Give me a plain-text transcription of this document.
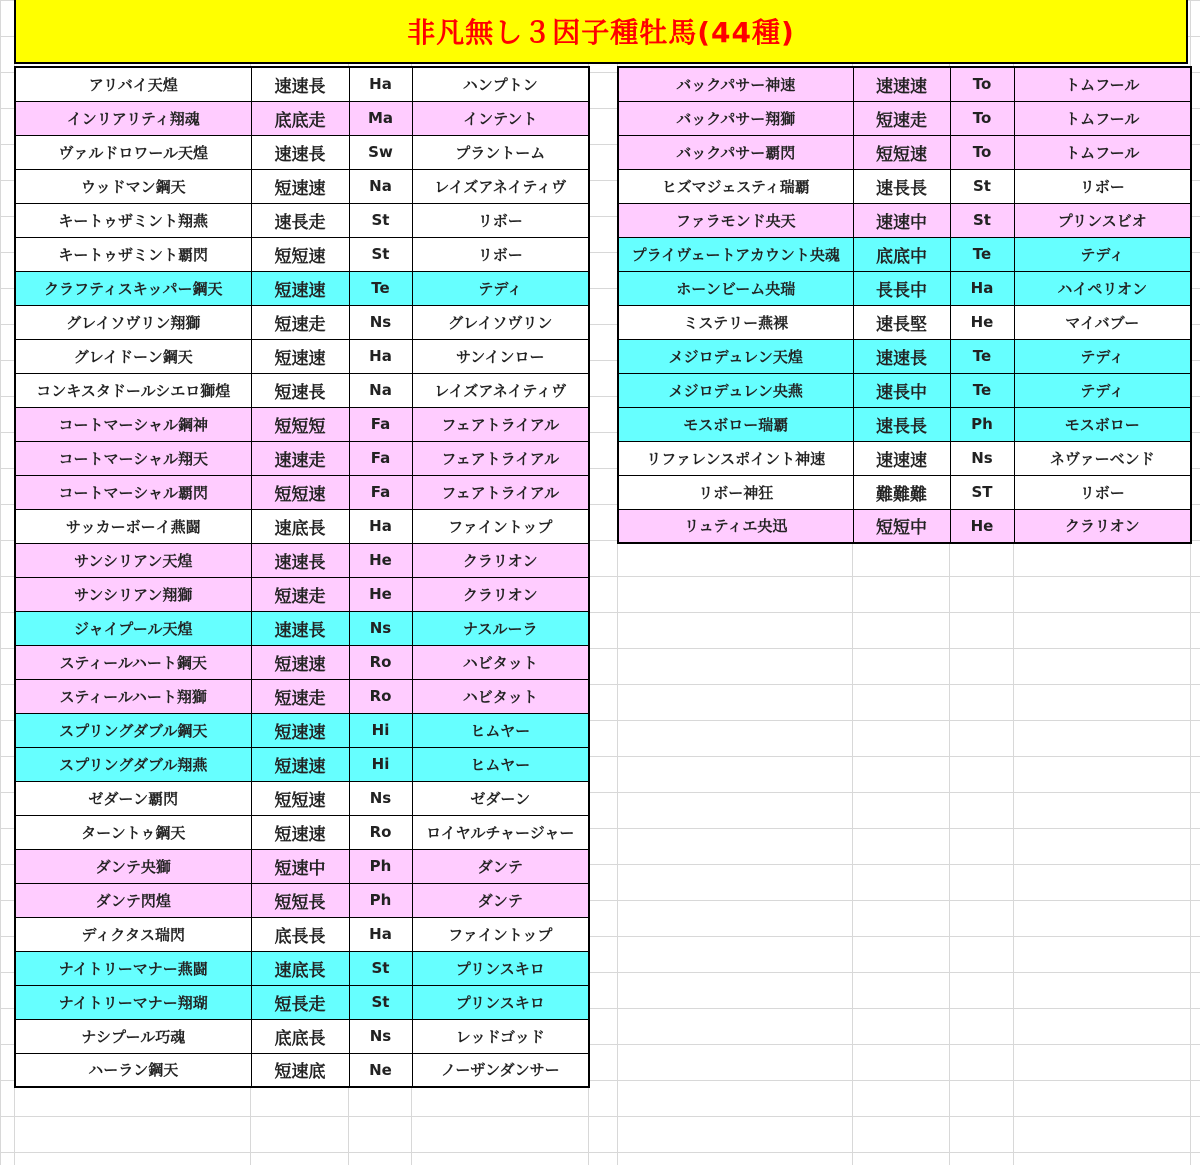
非凡無し３因子種牡馬(44種)
アリバイ天煌	速速長	Ha	ハンプトン
インリアリティ翔魂	底底走	Ma	インテント
ヴァルドロワール天煌	速速長	Sw	プラントーム
ウッドマン鋼天	短速速	Na	レイズアネイティヴ
キートゥザミント翔燕	速長走	St	リボー
キートゥザミント覇閃	短短速	St	リボー
クラフティスキッパー鋼天	短速速	Te	テディ
グレイソヴリン翔獅	短速走	Ns	グレイソヴリン
グレイドーン鋼天	短速速	Ha	サンインロー
コンキスタドールシエロ獅煌	短速長	Na	レイズアネイティヴ
コートマーシャル鋼神	短短短	Fa	フェアトライアル
コートマーシャル翔天	速速走	Fa	フェアトライアル
コートマーシャル覇閃	短短速	Fa	フェアトライアル
サッカーボーイ燕闘	速底長	Ha	ファイントップ
サンシリアン天煌	速速長	He	クラリオン
サンシリアン翔獅	短速走	He	クラリオン
ジャイプール天煌	速速長	Ns	ナスルーラ
スティールハート鋼天	短速速	Ro	ハビタット
スティールハート翔獅	短速走	Ro	ハビタット
スプリングダブル鋼天	短速速	Hi	ヒムヤー
スプリングダブル翔燕	短速速	Hi	ヒムヤー
ゼダーン覇閃	短短速	Ns	ゼダーン
ターントゥ鋼天	短速速	Ro	ロイヤルチャージャー
ダンテ央獅	短速中	Ph	ダンテ
ダンテ閃煌	短短長	Ph	ダンテ
ディクタス瑞閃	底長長	Ha	ファイントップ
ナイトリーマナー燕闘	速底長	St	プリンスキロ
ナイトリーマナー翔瑚	短長走	St	プリンスキロ
ナシプール巧魂	底底長	Ns	レッドゴッド
ハーラン鋼天	短速底	Ne	ノーザンダンサー
バックパサー神速	速速速	To	トムフール
バックパサー翔獅	短速走	To	トムフール
バックパサー覇閃	短短速	To	トムフール
ヒズマジェスティ瑞覇	速長長	St	リボー
ファラモンド央天	速速中	St	プリンスビオ
プライヴェートアカウント央魂	底底中	Te	テディ
ホーンビーム央瑞	長長中	Ha	ハイペリオン
ミステリー燕裸	速長堅	He	マイバブー
メジロデュレン天煌	速速長	Te	テディ
メジロデュレン央燕	速長中	Te	テディ
モスボロー瑞覇	速長長	Ph	モスボロー
リファレンスポイント神速	速速速	Ns	ネヴァーベンド
リボー神狂	難難難	ST	リボー
リュティエ央迅	短短中	He	クラリオン
